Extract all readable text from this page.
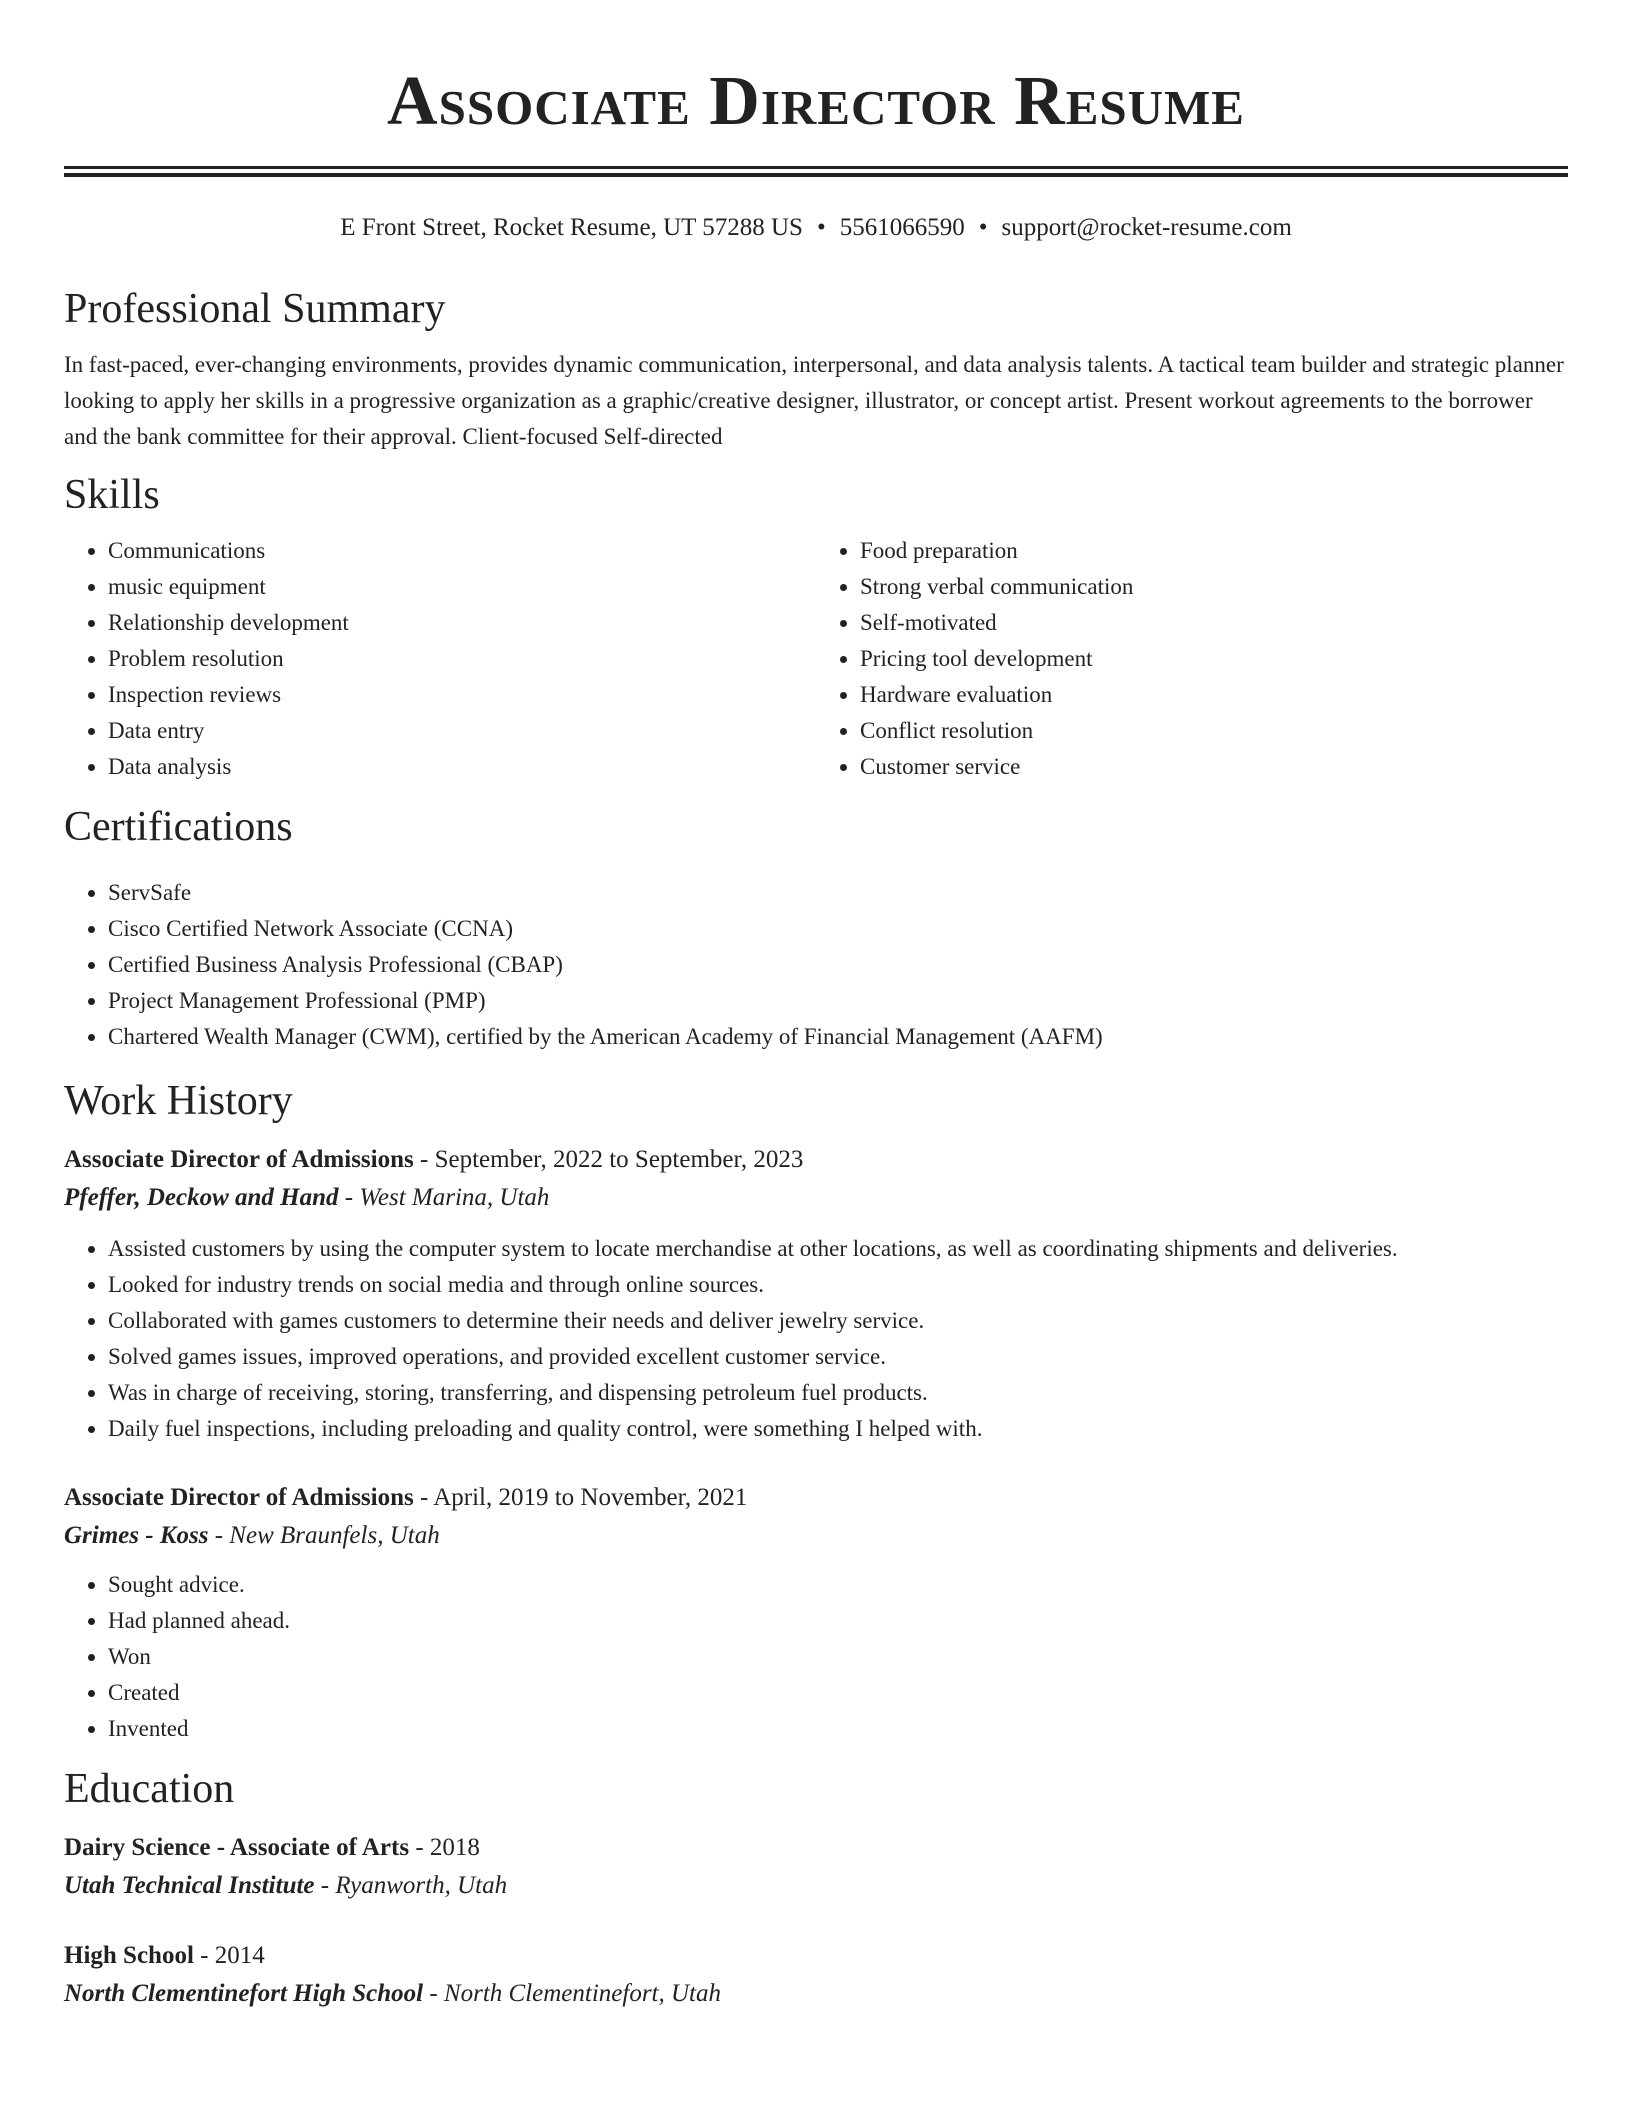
Associate Director Resume
E Front Street, Rocket Resume, UT 57288 US • 5561066590 • support@rocket-resume.com
Professional Summary

In fast-paced, ever-changing environments, provides dynamic communication, interpersonal, and data analysis talents. A tactical team builder and strategic planner looking to apply her skills in a progressive organization as a graphic/creative designer, illustrator, or concept artist. Present workout agreements to the borrower and the bank committee for their approval. Client-focused Self-directed

Skills
• Communications
• music equipment
• Relationship development
• Problem resolution
• Inspection reviews
• Data entry
• Data analysis
• Food preparation
• Strong verbal communication
• Self-motivated
• Pricing tool development
• Hardware evaluation
• Conflict resolution
• Customer service
Certifications
• ServSafe
• Cisco Certified Network Associate (CCNA)
• Certified Business Analysis Professional (CBAP)
• Project Management Professional (PMP)
• Chartered Wealth Manager (CWM), certified by the American Academy of Financial Management (AAFM)
Work History
Associate Director of Admissions - September, 2022 to September, 2023
Pfeffer, Deckow and Hand - West Marina, Utah
• Assisted customers by using the computer system to locate merchandise at other locations, as well as coordinating shipments and deliveries.
• Looked for industry trends on social media and through online sources.
• Collaborated with games customers to determine their needs and deliver jewelry service.
• Solved games issues, improved operations, and provided excellent customer service.
• Was in charge of receiving, storing, transferring, and dispensing petroleum fuel products.
• Daily fuel inspections, including preloading and quality control, were something I helped with.
Associate Director of Admissions - April, 2019 to November, 2021
Grimes - Koss - New Braunfels, Utah
• Sought advice.
• Had planned ahead.
• Won
• Created
• Invented
Education
Dairy Science - Associate of Arts - 2018
Utah Technical Institute - Ryanworth, Utah
High School - 2014
North Clementinefort High School - North Clementinefort, Utah
